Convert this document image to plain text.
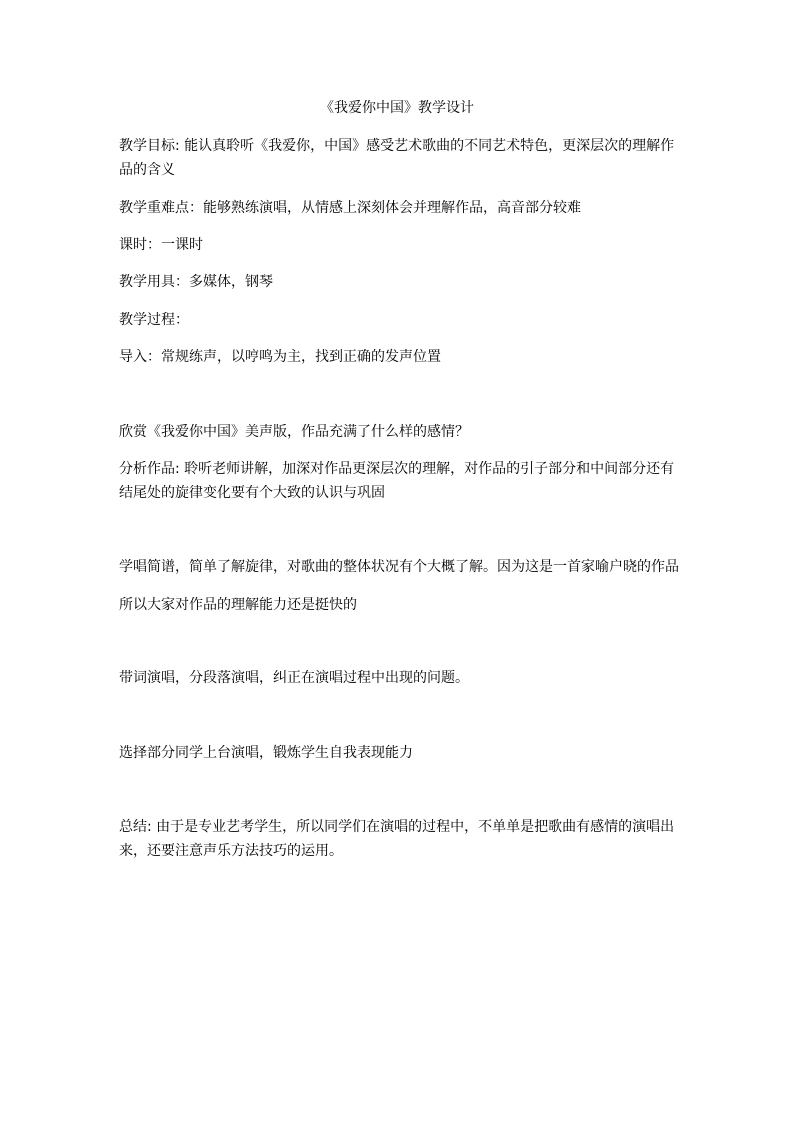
《我爱你中国》教学设计
教学目标: 能认真聆听《我爱你，中国》感受艺术歌曲的不同艺术特色，更深层次的理解作
品的含义
教学重难点：能够熟练演唱，从情感上深刻体会并理解作品，高音部分较难
课时：一课时
教学用具：多媒体，钢琴
教学过程：
导入：常规练声，以哼鸣为主，找到正确的发声位置
欣赏《我爱你中国》美声版，作品充满了什么样的感情？
分析作品: 聆听老师讲解，加深对作品更深层次的理解，对作品的引子部分和中间部分还有
结尾处的旋律变化要有个大致的认识与巩固
学唱简谱，简单了解旋律，对歌曲的整体状况有个大概了解。因为这是一首家喻户晓的作品
所以大家对作品的理解能力还是挺快的
带词演唱，分段落演唱，纠正在演唱过程中出现的问题。
选择部分同学上台演唱，锻炼学生自我表现能力
总结: 由于是专业艺考学生，所以同学们在演唱的过程中，不单单是把歌曲有感情的演唱出
来，还要注意声乐方法技巧的运用。
